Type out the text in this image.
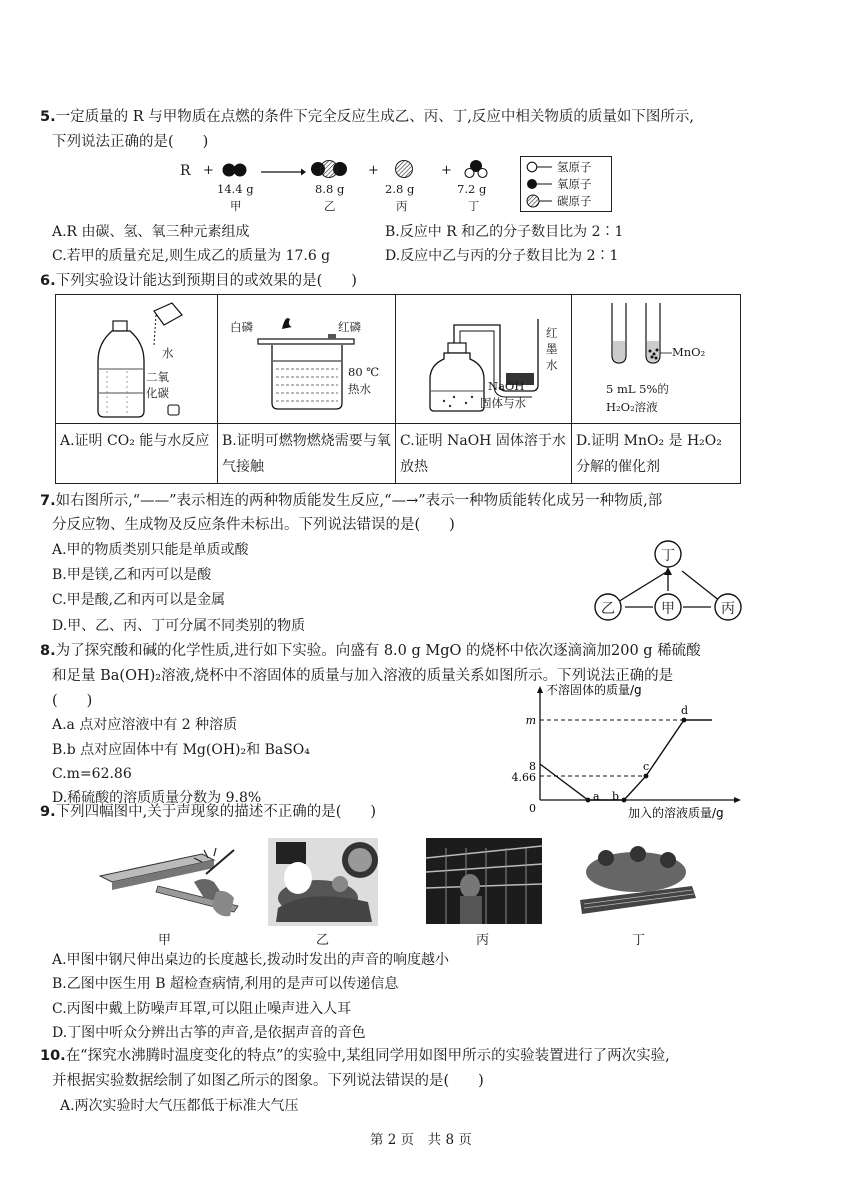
5.一定质量的 R 与甲物质在点燃的条件下完全反应生成乙、丙、丁,反应中相关物质的质量如下图所示,
下列说法正确的是(　　)
R +
14.4 g
甲
8.8 g
乙
+
2.8 g
丙
+
7.2 g
丁
氢原子
氧原子
碳原子
A.R 由碳、氢、氧三种元素组成	B.反应中 R 和乙的分子数目比为 2∶1
C.若甲的质量充足,则生成乙的质量为 17.6 g	D.反应中乙与丙的分子数目比为 2∶1
6.下列实验设计能达到预期目的或效果的是(　　)
水
二氧
化碳
A.证明 CO₂ 能与水反应
白磷	红磷
80 ℃
热水
B.证明可燃物燃烧需要与氧气接触
红
墨
水
NaOH
固体与水
C.证明 NaOH 固体溶于水放热
MnO₂
5 mL 5%的
H₂O₂溶液
D.证明 MnO₂ 是 H₂O₂ 分解的催化剂
7.如右图所示,“——”表示相连的两种物质能发生反应,“—→”表示一种物质能转化成另一种物质,部
分反应物、生成物及反应条件未标出。下列说法错误的是(　　)
A.甲的物质类别只能是单质或酸
B.甲是镁,乙和丙可以是酸
C.甲是酸,乙和丙可以是金属
D.甲、乙、丙、丁可分属不同类别的物质
丁
乙	甲	丙
8.为了探究酸和碱的化学性质,进行如下实验。向盛有 8.0 g MgO 的烧杯中依次逐滴滴加200 g 稀硫酸
和足量 Ba(OH)₂溶液,烧杯中不溶固体的质量与加入溶液的质量关系如图所示。下列说法正确的是
(　　)
A.a 点对应溶液中有 2 种溶质
B.b 点对应固体中有 Mg(OH)₂和 BaSO₄
C.m=62.86
D.稀硫酸的溶质质量分数为 9.8%
不溶固体的质量/g
加入的溶液质量/g
0
m
8
4.66
a b
c
d
9.下列四幅图中,关于声现象的描述不正确的是(　　)
甲	乙	丙	丁
A.甲图中钢尺伸出桌边的长度越长,拨动时发出的声音的响度越小
B.乙图中医生用 B 超检查病情,利用的是声可以传递信息
C.丙图中戴上防噪声耳罩,可以阻止噪声进入人耳
D.丁图中听众分辨出古筝的声音,是依据声音的音色
10.在“探究水沸腾时温度变化的特点”的实验中,某组同学用如图甲所示的实验装置进行了两次实验,
并根据实验数据绘制了如图乙所示的图象。下列说法错误的是(　　)
A.两次实验时大气压都低于标准大气压
第 2 页　共 8 页
